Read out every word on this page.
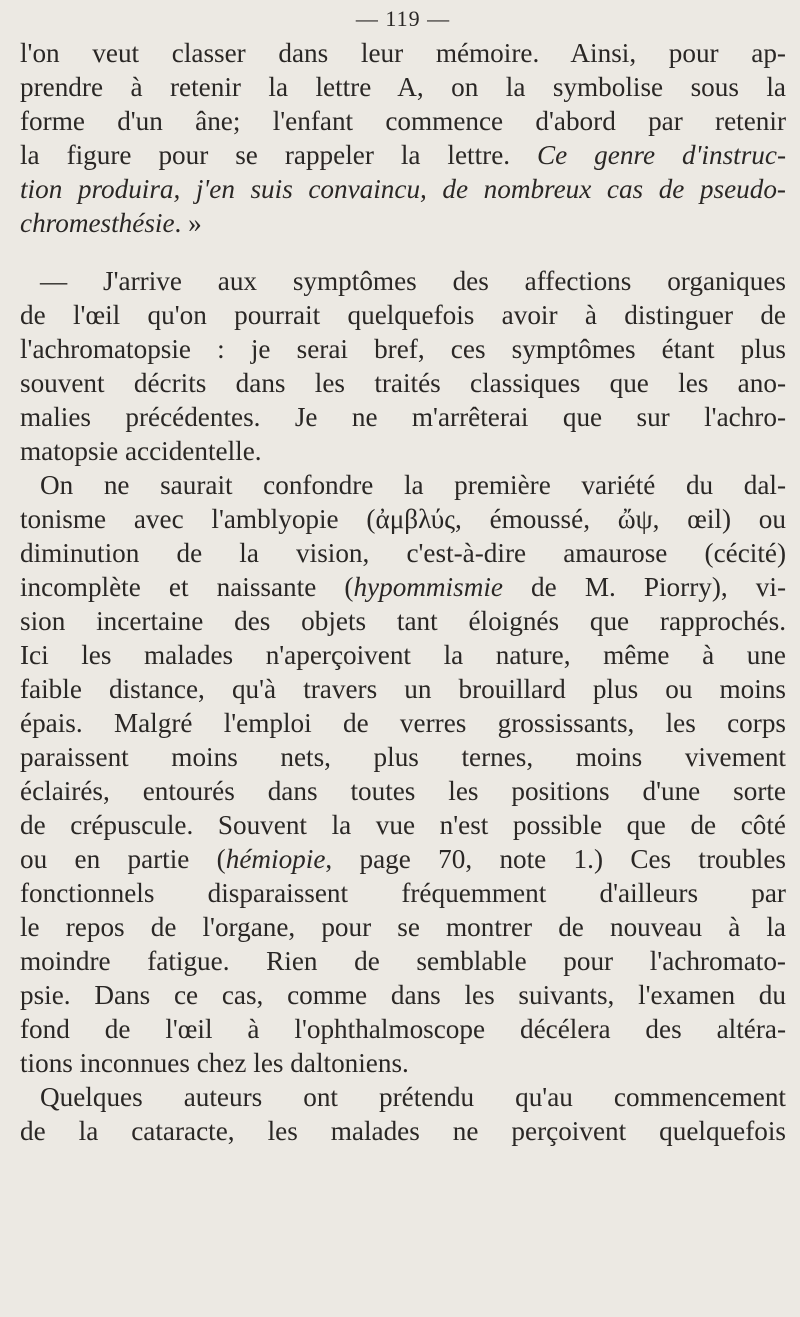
— 119 —

l'on veut classer dans leur mémoire. Ainsi, pour ap-
prendre à retenir la lettre A, on la symbolise sous la
forme d'un âne; l'enfant commence d'abord par retenir
la figure pour se rappeler la lettre. Ce genre d'instruc-
tion produira, j'en suis convaincu, de nombreux cas de pseudo-
chromesthésie. »

— J'arrive aux symptômes des affections organiques
de l'œil qu'on pourrait quelquefois avoir à distinguer de
l'achromatopsie : je serai bref, ces symptômes étant plus
souvent décrits dans les traités classiques que les ano-
malies précédentes. Je ne m'arrêterai que sur l'achro-
matopsie accidentelle.

On ne saurait confondre la première variété du dal-
tonisme avec l'amblyopie (ἀμβλύς, émoussé, ὤψ, œil) ou
diminution de la vision, c'est-à-dire amaurose (cécité)
incomplète et naissante (hypommismie de M. Piorry), vi-
sion incertaine des objets tant éloignés que rapprochés.
Ici les malades n'aperçoivent la nature, même à une
faible distance, qu'à travers un brouillard plus ou moins
épais. Malgré l'emploi de verres grossissants, les corps
paraissent moins nets, plus ternes, moins vivement
éclairés, entourés dans toutes les positions d'une sorte
de crépuscule. Souvent la vue n'est possible que de côté
ou en partie (hémiopie, page 70, note 1.) Ces troubles
fonctionnels disparaissent fréquemment d'ailleurs par
le repos de l'organe, pour se montrer de nouveau à la
moindre fatigue. Rien de semblable pour l'achromato-
psie. Dans ce cas, comme dans les suivants, l'examen du
fond de l'œil à l'ophthalmoscope décélera des altéra-
tions inconnues chez les daltoniens.

Quelques auteurs ont prétendu qu'au commencement
de la cataracte, les malades ne perçoivent quelquefois
